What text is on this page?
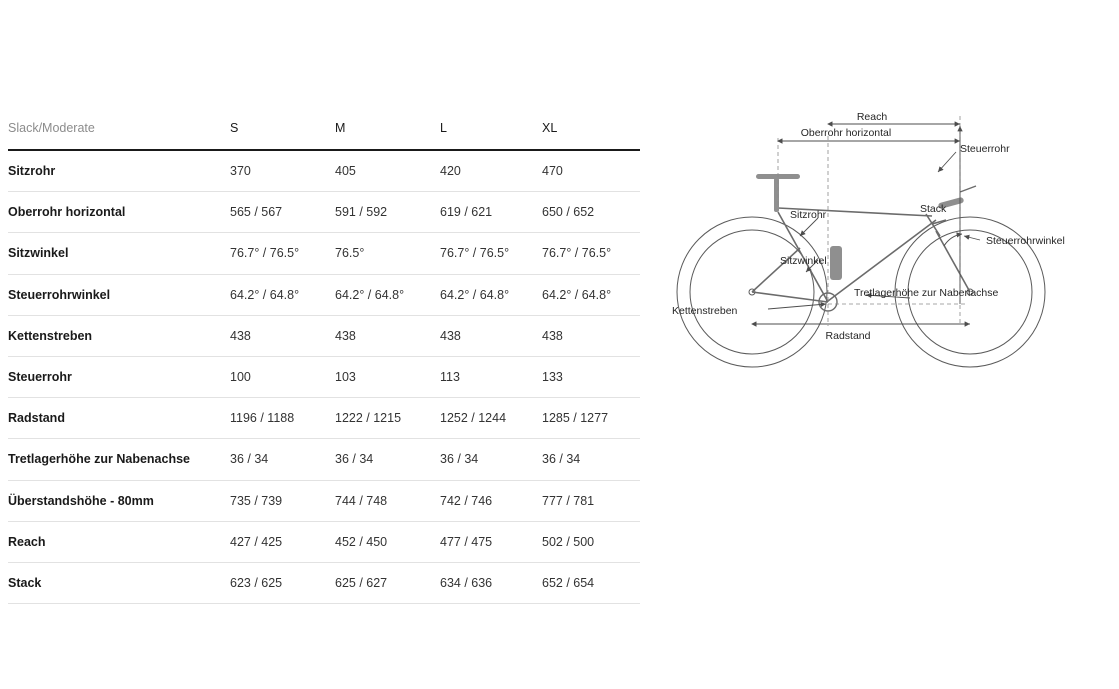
Slack/Moderate	S	M	L	XL
Sitzrohr	370	405	420	470
Oberrohr horizontal	565 / 567	591 / 592	619 / 621	650 / 652
Sitzwinkel	76.7° / 76.5°	76.5°	76.7° / 76.5°	76.7° / 76.5°
Steuerrohrwinkel	64.2° / 64.8°	64.2° / 64.8°	64.2° / 64.8°	64.2° / 64.8°
Kettenstreben	438	438	438	438
Steuerrohr	100	103	113	133
Radstand	1196 / 1188	1222 / 1215	1252 / 1244	1285 / 1277
Tretlagerhöhe zur Nabenachse	36 / 34	36 / 34	36 / 34	36 / 34
Überstandshöhe - 80mm	735 / 739	744 / 748	742 / 746	777 / 781
Reach	427 / 425	452 / 450	477 / 475	502 / 500
Stack	623 / 625	625 / 627	634 / 636	652 / 654
Reach
Oberrohr horizontal
Steuerrohr
Stack
Sitzrohr
Sitzwinkel
Steuerrohrwinkel
Tretlagerhöhe zur Nabenachse
Kettenstreben
Radstand
